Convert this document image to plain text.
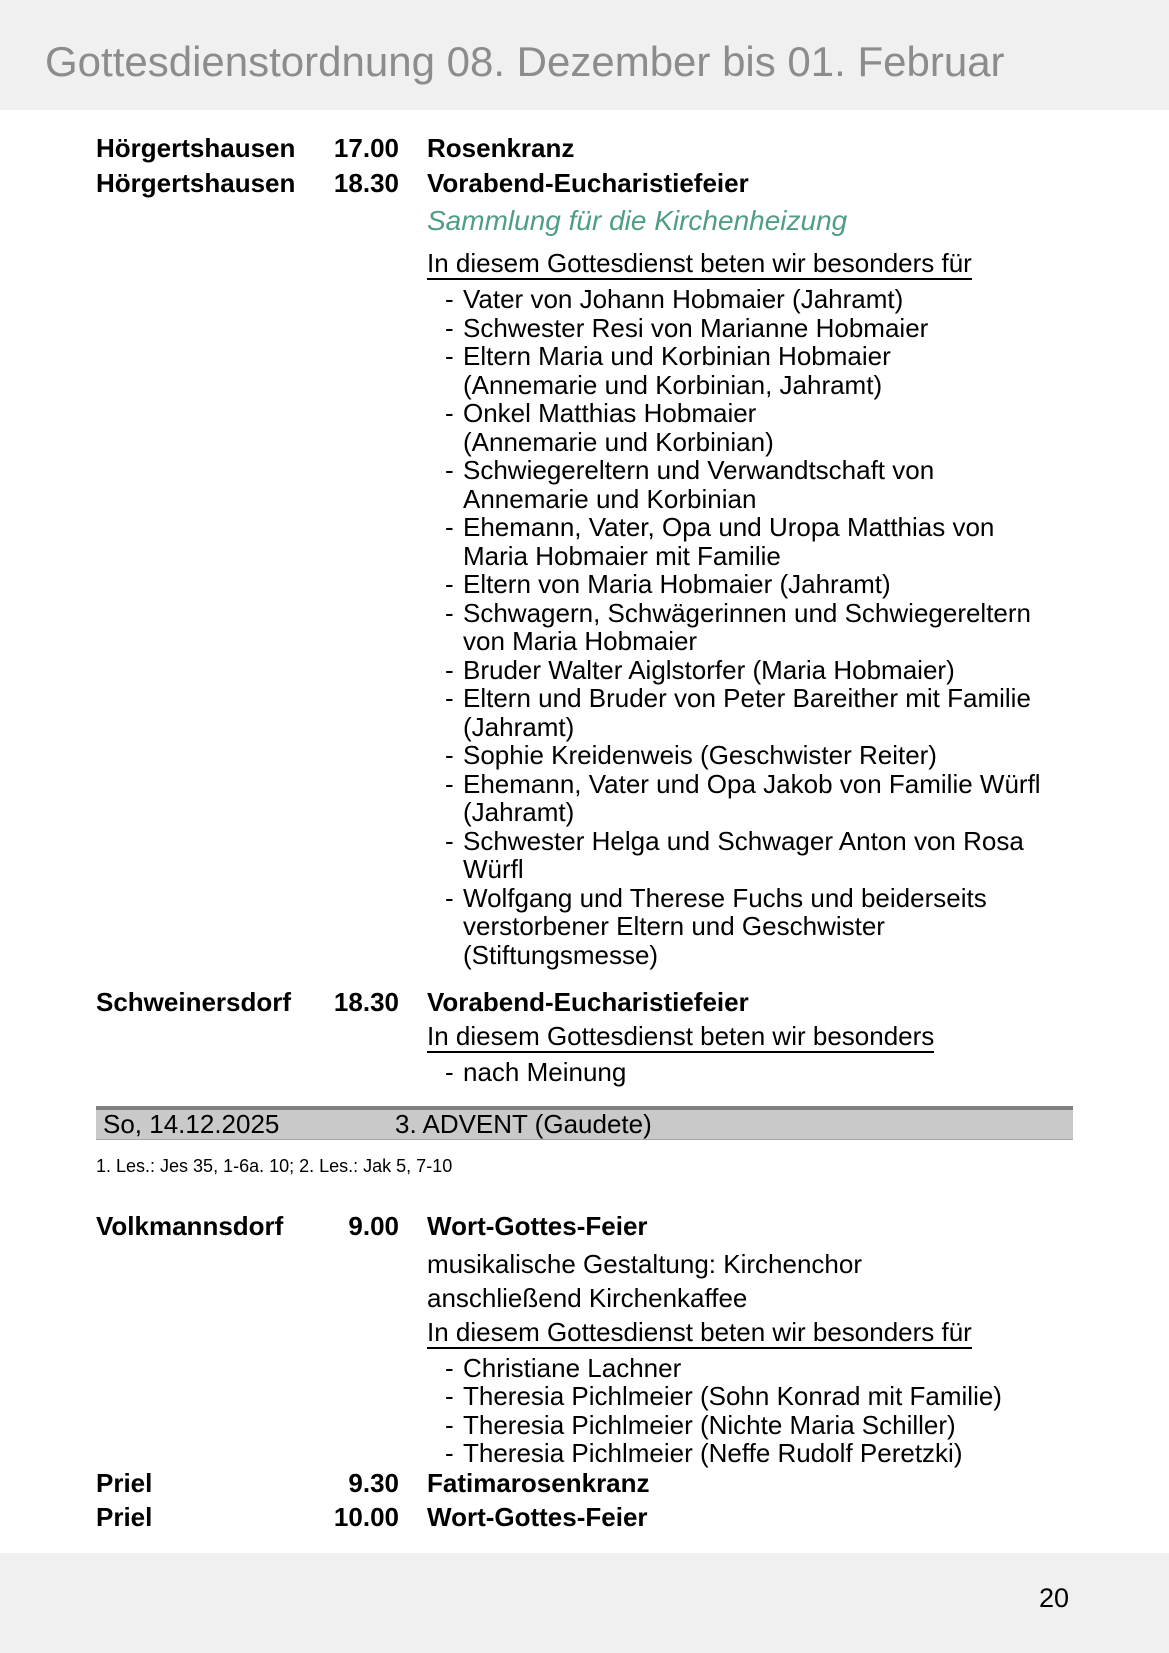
Gottesdienstordnung 08. Dezember bis 01. Februar
Hörgertshausen	17.00	Rosenkranz
Hörgertshausen	18.30	Vorabend-Eucharistiefeier
Sammlung für die Kirchenheizung
In diesem Gottesdienst beten wir besonders für
- Vater von Johann Hobmaier (Jahramt)
- Schwester Resi von Marianne Hobmaier
- Eltern Maria und Korbinian Hobmaier
(Annemarie und Korbinian, Jahramt)
- Onkel Matthias Hobmaier
(Annemarie und Korbinian)
- Schwiegereltern und Verwandtschaft von
Annemarie und Korbinian
- Ehemann, Vater, Opa und Uropa Matthias von
Maria Hobmaier mit Familie
- Eltern von Maria Hobmaier (Jahramt)
- Schwagern, Schwägerinnen und Schwiegereltern
von Maria Hobmaier
- Bruder Walter Aiglstorfer (Maria Hobmaier)
- Eltern und Bruder von Peter Bareither mit Familie
(Jahramt)
- Sophie Kreidenweis (Geschwister Reiter)
- Ehemann, Vater und Opa Jakob von Familie Würfl
(Jahramt)
- Schwester Helga und Schwager Anton von Rosa
Würfl
- Wolfgang und Therese Fuchs und beiderseits
verstorbener Eltern und Geschwister
(Stiftungsmesse)
Schweinersdorf	18.30	Vorabend-Eucharistiefeier
In diesem Gottesdienst beten wir besonders
- nach Meinung
So, 14.12.2025	3. ADVENT (Gaudete)
1. Les.: Jes 35, 1-6a. 10; 2. Les.: Jak 5, 7-10
Volkmannsdorf	9.00	Wort-Gottes-Feier
musikalische Gestaltung: Kirchenchor
anschließend Kirchenkaffee
In diesem Gottesdienst beten wir besonders für
- Christiane Lachner
- Theresia Pichlmeier (Sohn Konrad mit Familie)
- Theresia Pichlmeier (Nichte Maria Schiller)
- Theresia Pichlmeier (Neffe Rudolf Peretzki)
Priel	9.30	Fatimarosenkranz
Priel	10.00	Wort-Gottes-Feier
20
